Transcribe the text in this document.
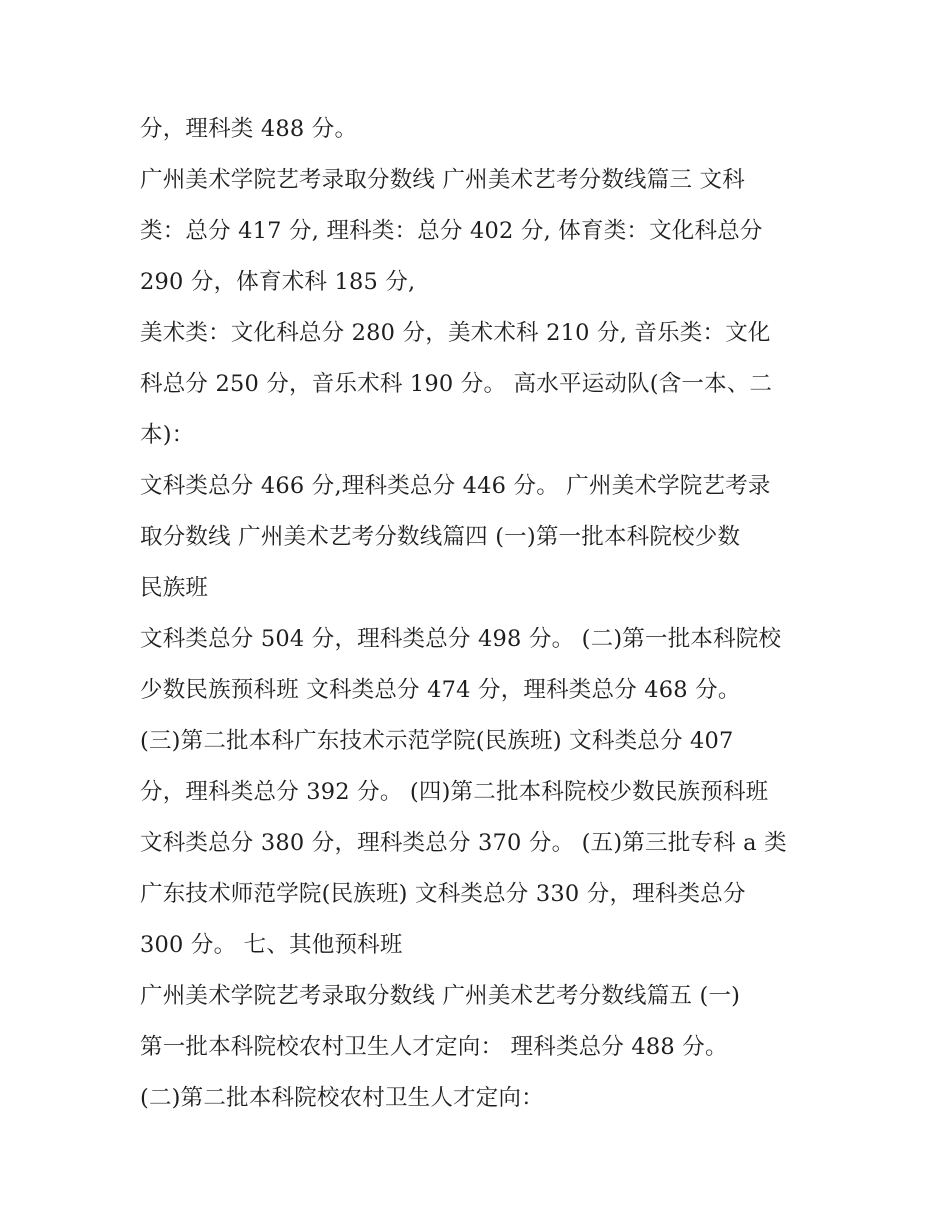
分，理科类 488 分。
广州美术学院艺考录取分数线 广州美术艺考分数线篇三 文科
类：总分 417 分, 理科类：总分 402 分, 体育类：文化科总分
290 分，体育术科 185 分,
美术类：文化科总分 280 分，美术术科 210 分, 音乐类：文化
科总分 250 分，音乐术科 190 分。 高水平运动队(含一本、二
本)：
文科类总分 466 分,理科类总分 446 分。 广州美术学院艺考录
取分数线 广州美术艺考分数线篇四 (一)第一批本科院校少数
民族班
文科类总分 504 分，理科类总分 498 分。 (二)第一批本科院校
少数民族预科班 文科类总分 474 分，理科类总分 468 分。
(三)第二批本科广东技术示范学院(民族班) 文科类总分 407
分，理科类总分 392 分。 (四)第二批本科院校少数民族预科班
文科类总分 380 分，理科类总分 370 分。 (五)第三批专科 a 类
广东技术师范学院(民族班) 文科类总分 330 分，理科类总分
300 分。 七、其他预科班
广州美术学院艺考录取分数线 广州美术艺考分数线篇五 (一)
第一批本科院校农村卫生人才定向： 理科类总分 488 分。
(二)第二批本科院校农村卫生人才定向：
